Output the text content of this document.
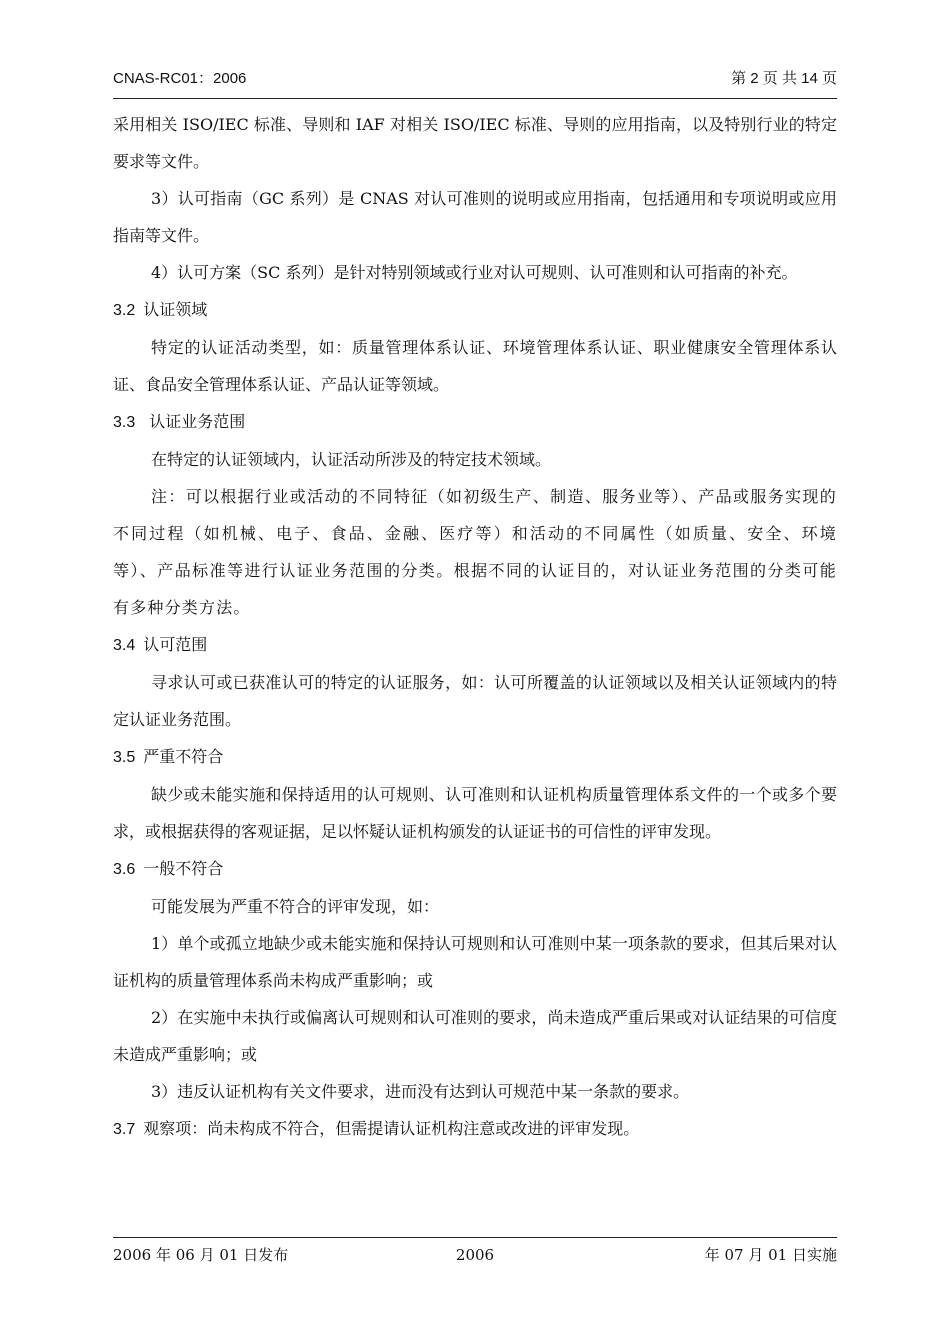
CNAS-RC01：2006	第 2 页 共 14 页

采用相关 ISO/IEC 标准、导则和 IAF 对相关 ISO/IEC 标准、导则的应用指南，以及特别行业的特定要求等文件。

3）认可指南（GC 系列）是 CNAS 对认可准则的说明或应用指南，包括通用和专项说明或应用指南等文件。

4）认可方案（SC 系列）是针对特别领域或行业对认可规则、认可准则和认可指南的补充。

3.2 认证领域

特定的认证活动类型，如：质量管理体系认证、环境管理体系认证、职业健康安全管理体系认证、食品安全管理体系认证、产品认证等领域。

3.3 认证业务范围

在特定的认证领域内，认证活动所涉及的特定技术领域。

注：可以根据行业或活动的不同特征（如初级生产、制造、服务业等）、产品或服务实现的不同过程（如机械、电子、食品、金融、医疗等）和活动的不同属性（如质量、安全、环境等）、产品标准等进行认证业务范围的分类。根据不同的认证目的，对认证业务范围的分类可能有多种分类方法。

3.4 认可范围

寻求认可或已获准认可的特定的认证服务，如：认可所覆盖的认证领域以及相关认证领域内的特定认证业务范围。

3.5 严重不符合

缺少或未能实施和保持适用的认可规则、认可准则和认证机构质量管理体系文件的一个或多个要求，或根据获得的客观证据，足以怀疑认证机构颁发的认证证书的可信性的评审发现。

3.6 一般不符合

可能发展为严重不符合的评审发现，如：

1）单个或孤立地缺少或未能实施和保持认可规则和认可准则中某一项条款的要求，但其后果对认证机构的质量管理体系尚未构成严重影响；或

2）在实施中未执行或偏离认可规则和认可准则的要求，尚未造成严重后果或对认证结果的可信度未造成严重影响；或

3）违反认证机构有关文件要求，进而没有达到认可规范中某一条款的要求。

3.7 观察项：尚未构成不符合，但需提请认证机构注意或改进的评审发现。

2006 年 06 月 01 日发布	2006	年 07 月 01 日实施
